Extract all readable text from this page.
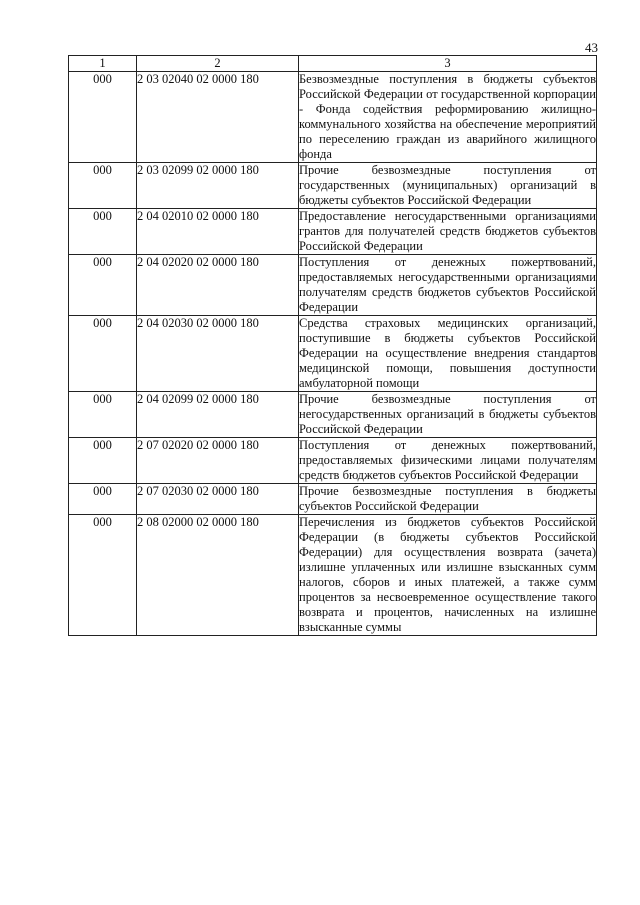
43
1	2	3
000	2 03 02040 02 0000 180	Безвозмездные поступления в бюджеты субъектов Российской Федерации от государственной корпорации - Фонда содействия реформированию жилищно-коммунального хозяйства на обеспечение мероприятий по переселению граждан из аварийного жилищного фонда
000	2 03 02099 02 0000 180	Прочие безвозмездные поступления от государственных (муниципальных) организаций в бюджеты субъектов Российской Федерации
000	2 04 02010 02 0000 180	Предоставление негосударственными организациями грантов для получателей средств бюджетов субъектов Российской Федерации
000	2 04 02020 02 0000 180	Поступления от денежных пожертвований, предоставляемых негосударственными организациями получателям средств бюджетов субъектов Российской Федерации
000	2 04 02030 02 0000 180	Средства страховых медицинских организаций, поступившие в бюджеты субъектов Российской Федерации на осуществление внедрения стандартов медицинской помощи, повышения доступности амбулаторной помощи
000	2 04 02099 02 0000 180	Прочие безвозмездные поступления от негосударственных организаций в бюджеты субъектов Российской Федерации
000	2 07 02020 02 0000 180	Поступления от денежных пожертвований, предоставляемых физическими лицами получателям средств бюджетов субъектов Российской Федерации
000	2 07 02030 02 0000 180	Прочие безвозмездные поступления в бюджеты субъектов Российской Федерации
000	2 08 02000 02 0000 180	Перечисления из бюджетов субъектов Российской Федерации (в бюджеты субъектов Российской Федерации) для осуществления возврата (зачета) излишне уплаченных или излишне взысканных сумм налогов, сборов и иных платежей, а также сумм процентов за несвоевременное осуществление такого возврата и процентов, начисленных на излишне взысканные суммы
